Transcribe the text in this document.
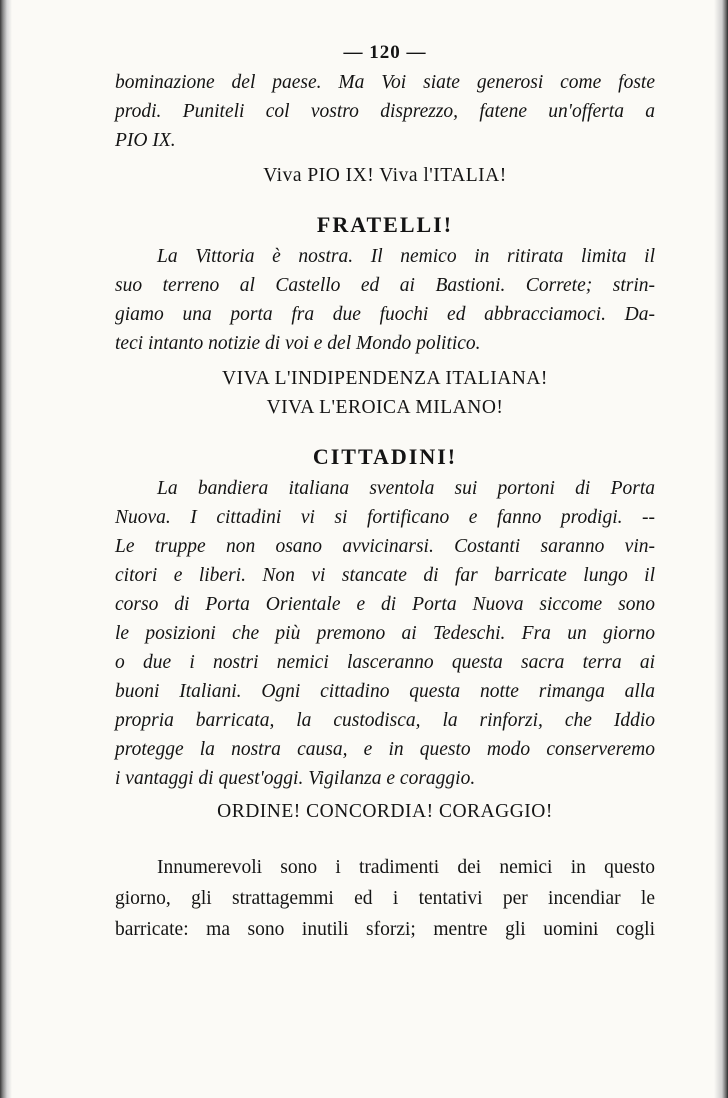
— 120 —
bominazione del paese. Ma Voi siate generosi come foste
prodi. Puniteli col vostro disprezzo, fatene un'offerta a
PIO IX.

Viva PIO IX! Viva l'ITALIA!

FRATELLI!

La Vittoria è nostra. Il nemico in ritirata limita il
suo terreno al Castello ed ai Bastioni. Correte; strin-
giamo una porta fra due fuochi ed abbracciamoci. Da-
teci intanto notizie di voi e del Mondo politico.

VIVA L'INDIPENDENZA ITALIANA!

VIVA L'EROICA MILANO!

CITTADINI!

La bandiera italiana sventola sui portoni di Porta
Nuova. I cittadini vi si fortificano e fanno prodigi. --
Le truppe non osano avvicinarsi. Costanti saranno vin-
citori e liberi. Non vi stancate di far barricate lungo il
corso di Porta Orientale e di Porta Nuova siccome sono
le posizioni che più premono ai Tedeschi. Fra un giorno
o due i nostri nemici lasceranno questa sacra terra ai
buoni Italiani. Ogni cittadino questa notte rimanga alla
propria barricata, la custodisca, la rinforzi, che Iddio
protegge la nostra causa, e in questo modo conserveremo
i vantaggi di quest'oggi. Vigilanza e coraggio.

ORDINE! CONCORDIA! CORAGGIO!

Innumerevoli sono i tradimenti dei nemici in questo
giorno, gli strattagemmi ed i tentativi per incendiar le
barricate: ma sono inutili sforzi; mentre gli uomini cogli
